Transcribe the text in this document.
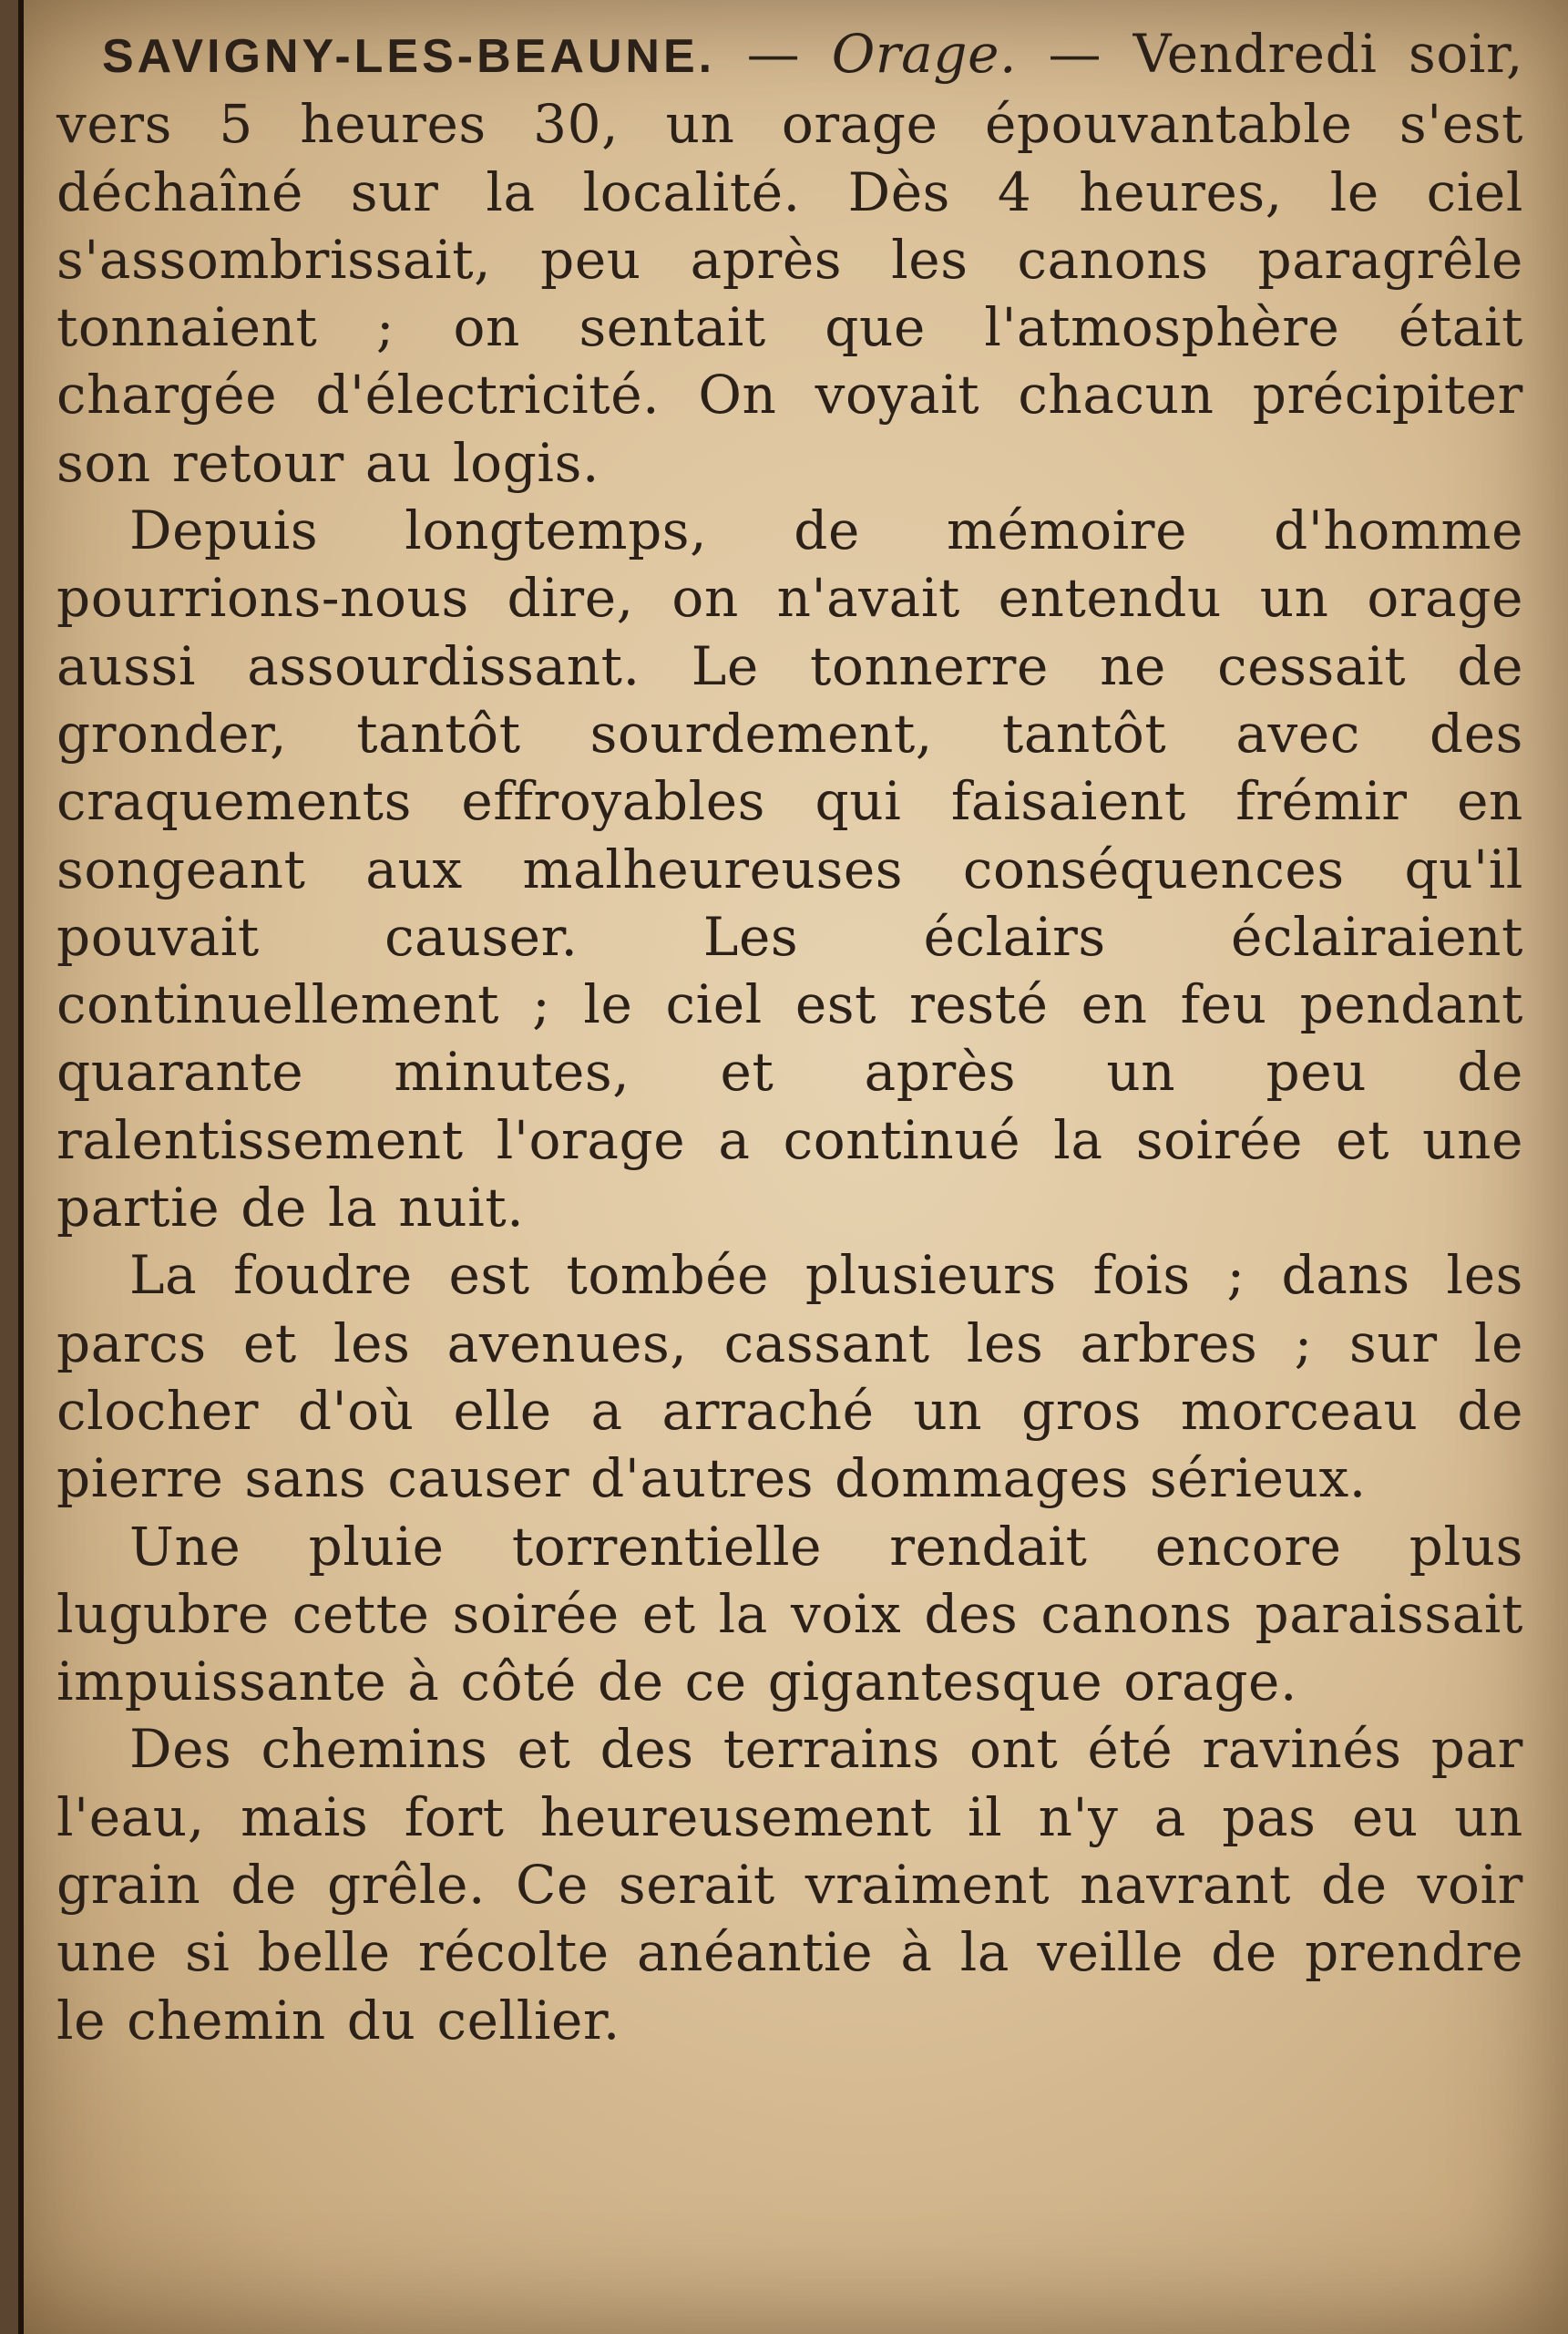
SAVIGNY-LES-BEAUNE. — Orage. — Vendredi soir, vers 5 heures 30, un orage épouvantable s'est déchaîné sur la localité. Dès 4 heures, le ciel s'assombrissait, peu après les canons paragrêle tonnaient ; on sentait que l'atmosphère était chargée d'électricité. On voyait chacun précipiter son retour au logis.

Depuis longtemps, de mémoire d'homme pourrions-nous dire, on n'avait entendu un orage aussi assourdissant. Le tonnerre ne cessait de gronder, tantôt sourdement, tantôt avec des craquements effroyables qui faisaient frémir en songeant aux malheureuses conséquences qu'il pouvait causer. Les éclairs éclairaient continuellement ; le ciel est resté en feu pendant quarante minutes, et après un peu de ralentissement l'orage a continué la soirée et une partie de la nuit.

La foudre est tombée plusieurs fois ; dans les parcs et les avenues, cassant les arbres ; sur le clocher d'où elle a arraché un gros morceau de pierre sans causer d'autres dommages sérieux.

Une pluie torrentielle rendait encore plus lugubre cette soirée et la voix des canons paraissait impuissante à côté de ce gigantesque orage.

Des chemins et des terrains ont été ravinés par l'eau, mais fort heureusement il n'y a pas eu un grain de grêle. Ce serait vraiment navrant de voir une si belle récolte anéantie à la veille de prendre le chemin du cellier.
